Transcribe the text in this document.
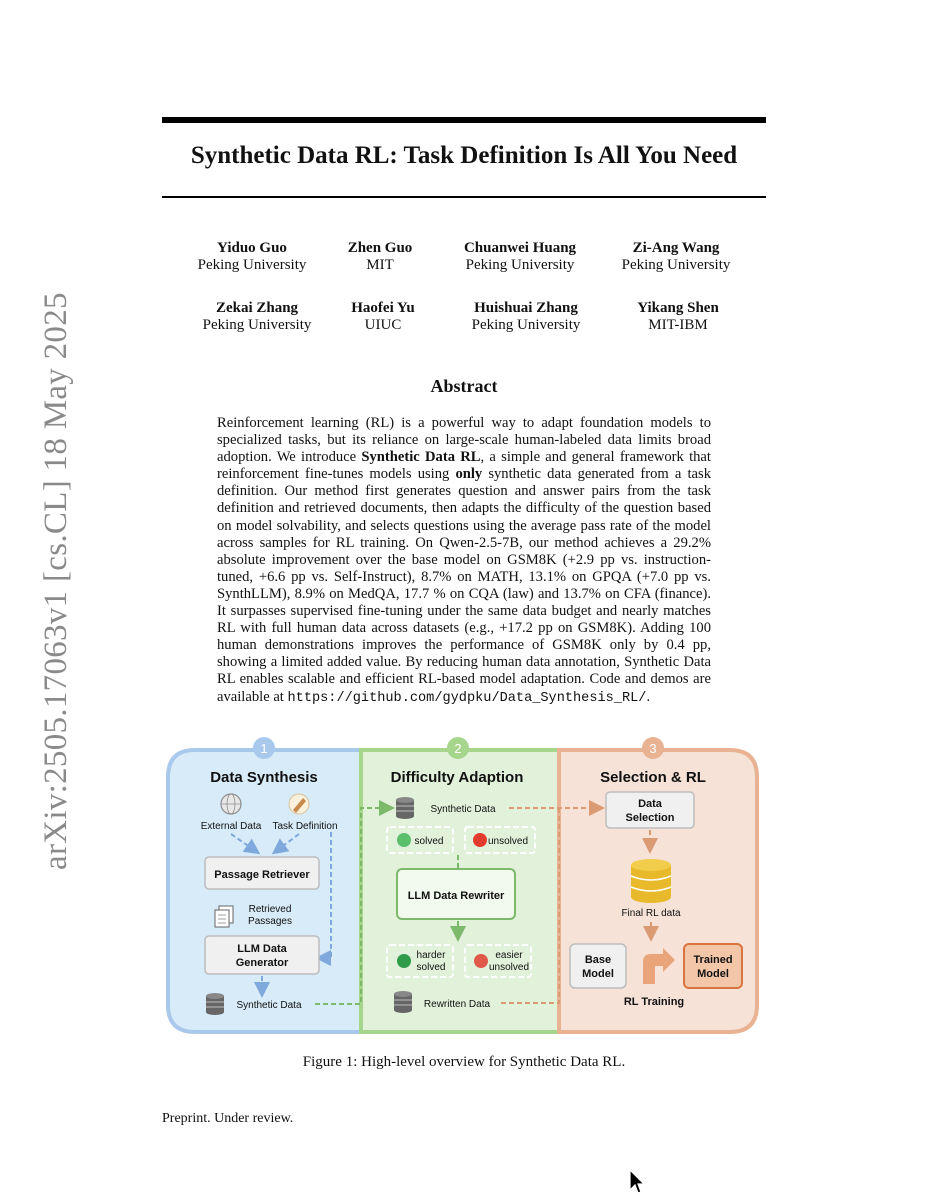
arXiv:2505.17063v1 [cs.CL] 18 May 2025
Synthetic Data RL: Task Definition Is All You Need
Yiduo Guo
Peking University
Zhen Guo
MIT
Chuanwei Huang
Peking University
Zi-Ang Wang
Peking University
Zekai Zhang
Peking University
Haofei Yu
UIUC
Huishuai Zhang
Peking University
Yikang Shen
MIT-IBM
Abstract
Reinforcement learning (RL) is a powerful way to adapt foundation models to specialized tasks, but its reliance on large-scale human-labeled data limits broad adoption. We introduce Synthetic Data RL, a simple and general framework that reinforcement fine-tunes models using only synthetic data generated from a task definition. Our method first generates question and answer pairs from the task definition and retrieved documents, then adapts the difficulty of the question based on model solvability, and selects questions using the average pass rate of the model across samples for RL training. On Qwen-2.5-7B, our method achieves a 29.2% absolute improvement over the base model on GSM8K (+2.9 pp vs. instruction-tuned, +6.6 pp vs. Self-Instruct), 8.7% on MATH, 13.1% on GPQA (+7.0 pp vs. SynthLLM), 8.9% on MedQA, 17.7 % on CQA (law) and 13.7% on CFA (finance). It surpasses supervised fine-tuning under the same data budget and nearly matches RL with full human data across datasets (e.g., +17.2 pp on GSM8K). Adding 100 human demonstrations improves the performance of GSM8K only by 0.4 pp, showing a limited added value. By reducing human data annotation, Synthetic Data RL enables scalable and efficient RL-based model adaptation. Code and demos are available at https://github.com/gydpku/Data_Synthesis_RL/.
1	2	3
Data Synthesis	Difficulty Adaption	Selection & RL
External Data Task Definition
Passage Retriever
Retrieved
Passages
LLM Data
Generator
Synthetic Data
Synthetic Data
solved	unsolved
LLM Data Rewriter
harder
solved
easier
unsolved
Rewritten Data
Data
Selection
Final RL data
Base
Model
Trained
Model
RL Training
Figure 1: High-level overview for Synthetic Data RL.
Preprint. Under review.
